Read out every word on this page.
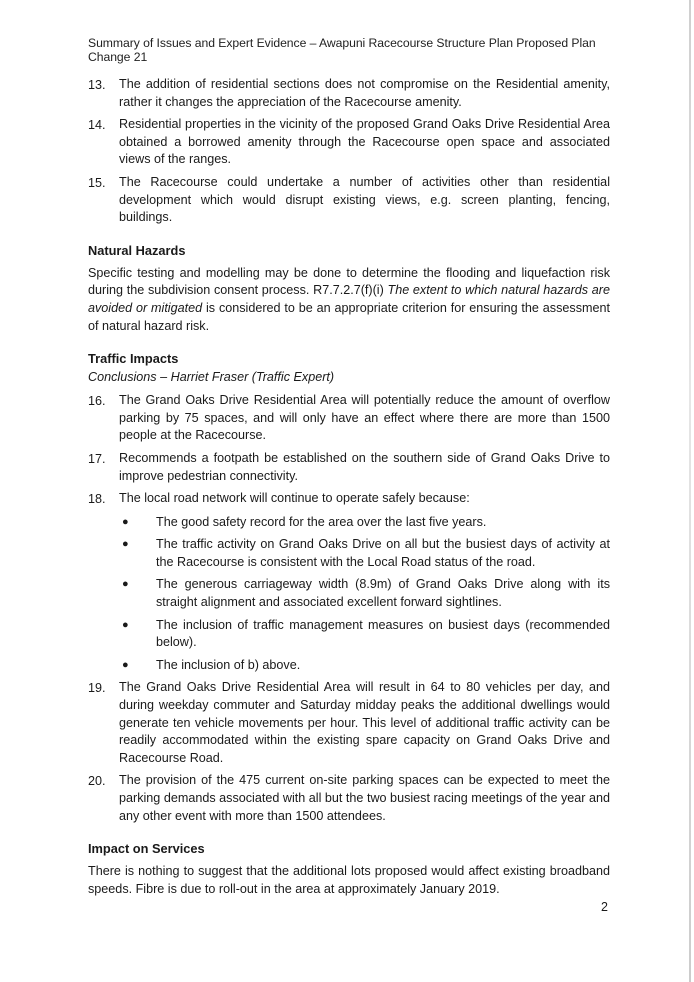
Summary of Issues and Expert Evidence – Awapuni Racecourse Structure Plan Proposed Plan Change 21
13.	The addition of residential sections does not compromise on the Residential amenity, rather it changes the appreciation of the Racecourse amenity.
14.	Residential properties in the vicinity of the proposed Grand Oaks Drive Residential Area obtained a borrowed amenity through the Racecourse open space and associated views of the ranges.
15.	The Racecourse could undertake a number of activities other than residential development which would disrupt existing views, e.g. screen planting, fencing, buildings.
Natural Hazards
Specific testing and modelling may be done to determine the flooding and liquefaction risk during the subdivision consent process. R7.7.2.7(f)(i) The extent to which natural hazards are avoided or mitigated is considered to be an appropriate criterion for ensuring the assessment of natural hazard risk.
Traffic Impacts
Conclusions – Harriet Fraser (Traffic Expert)
16.	The Grand Oaks Drive Residential Area will potentially reduce the amount of overflow parking by 75 spaces, and will only have an effect where there are more than 1500 people at the Racecourse.
17.	Recommends a footpath be established on the southern side of Grand Oaks Drive to improve pedestrian connectivity.
18.	The local road network will continue to operate safely because:
●	The good safety record for the area over the last five years.
●	The traffic activity on Grand Oaks Drive on all but the busiest days of activity at the Racecourse is consistent with the Local Road status of the road.
●	The generous carriageway width (8.9m) of Grand Oaks Drive along with its straight alignment and associated excellent forward sightlines.
●	The inclusion of traffic management measures on busiest days (recommended below).
●	The inclusion of b) above.
19.	The Grand Oaks Drive Residential Area will result in 64 to 80 vehicles per day, and during weekday commuter and Saturday midday peaks the additional dwellings would generate ten vehicle movements per hour. This level of additional traffic activity can be readily accommodated within the existing spare capacity on Grand Oaks Drive and Racecourse Road.
20.	The provision of the 475 current on-site parking spaces can be expected to meet the parking demands associated with all but the two busiest racing meetings of the year and any other event with more than 1500 attendees.
Impact on Services
There is nothing to suggest that the additional lots proposed would affect existing broadband speeds. Fibre is due to roll-out in the area at approximately January 2019.
2
